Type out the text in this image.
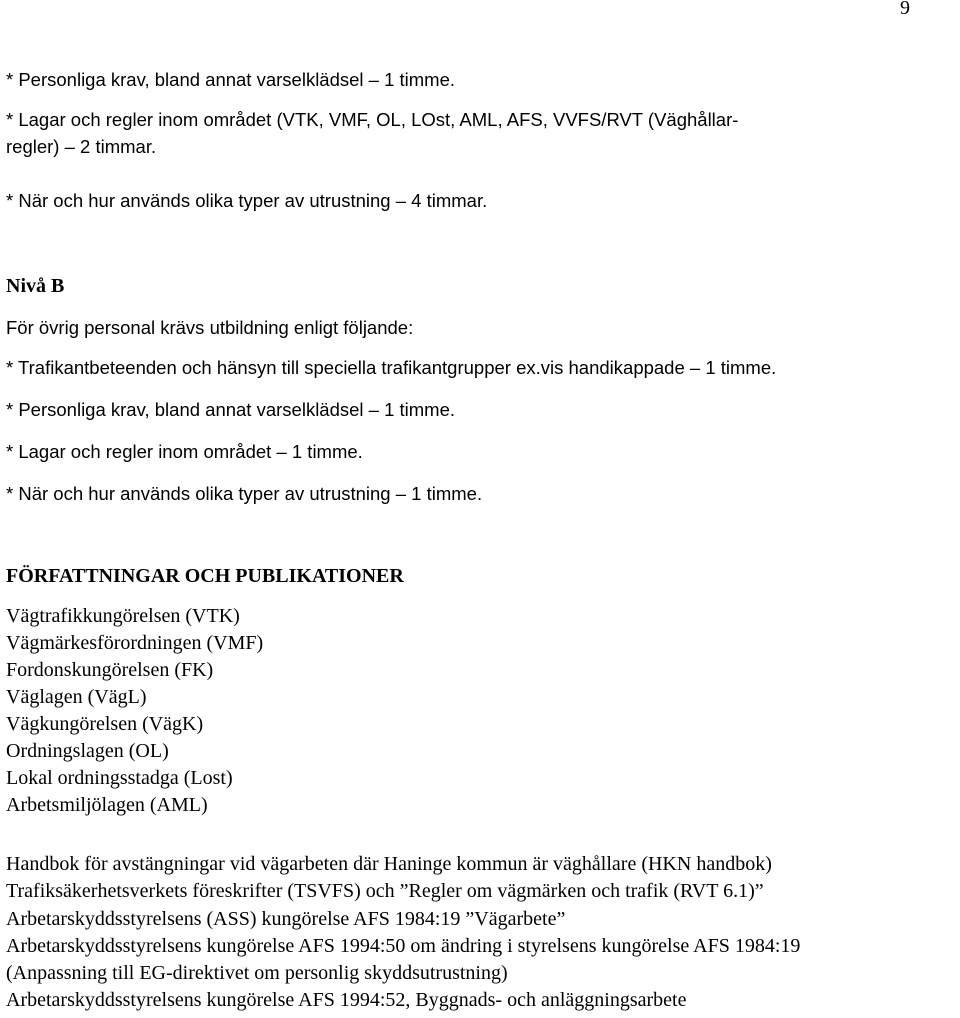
9
* Personliga krav, bland annat varselklädsel – 1 timme.
* Lagar och regler inom området (VTK, VMF, OL, LOst, AML, AFS, VVFS/RVT (Väghållar-
regler) – 2 timmar.
* När och hur används olika typer av utrustning – 4 timmar.
Nivå B
För övrig personal krävs utbildning enligt följande:
* Trafikantbeteenden och hänsyn till speciella trafikantgrupper ex.vis handikappade – 1 timme.
* Personliga krav, bland annat varselklädsel – 1 timme.
* Lagar och regler inom området – 1 timme.
* När och hur används olika typer av utrustning – 1 timme.
FÖRFATTNINGAR OCH PUBLIKATIONER
Vägtrafikkungörelsen (VTK)
Vägmärkesförordningen (VMF)
Fordonskungörelsen (FK)
Väglagen (VägL)
Vägkungörelsen (VägK)
Ordningslagen (OL)
Lokal ordningsstadga (Lost)
Arbetsmiljölagen (AML)
Handbok för avstängningar vid vägarbeten där Haninge kommun är väghållare (HKN handbok)
Trafiksäkerhetsverkets föreskrifter (TSVFS) och ”Regler om vägmärken och trafik (RVT 6.1)”
Arbetarskyddsstyrelsens (ASS) kungörelse AFS 1984:19 ”Vägarbete”
Arbetarskyddsstyrelsens kungörelse AFS 1994:50 om ändring i styrelsens kungörelse AFS 1984:19
(Anpassning till EG-direktivet om personlig skyddsutrustning)
Arbetarskyddsstyrelsens kungörelse AFS 1994:52, Byggnads- och anläggningsarbete
